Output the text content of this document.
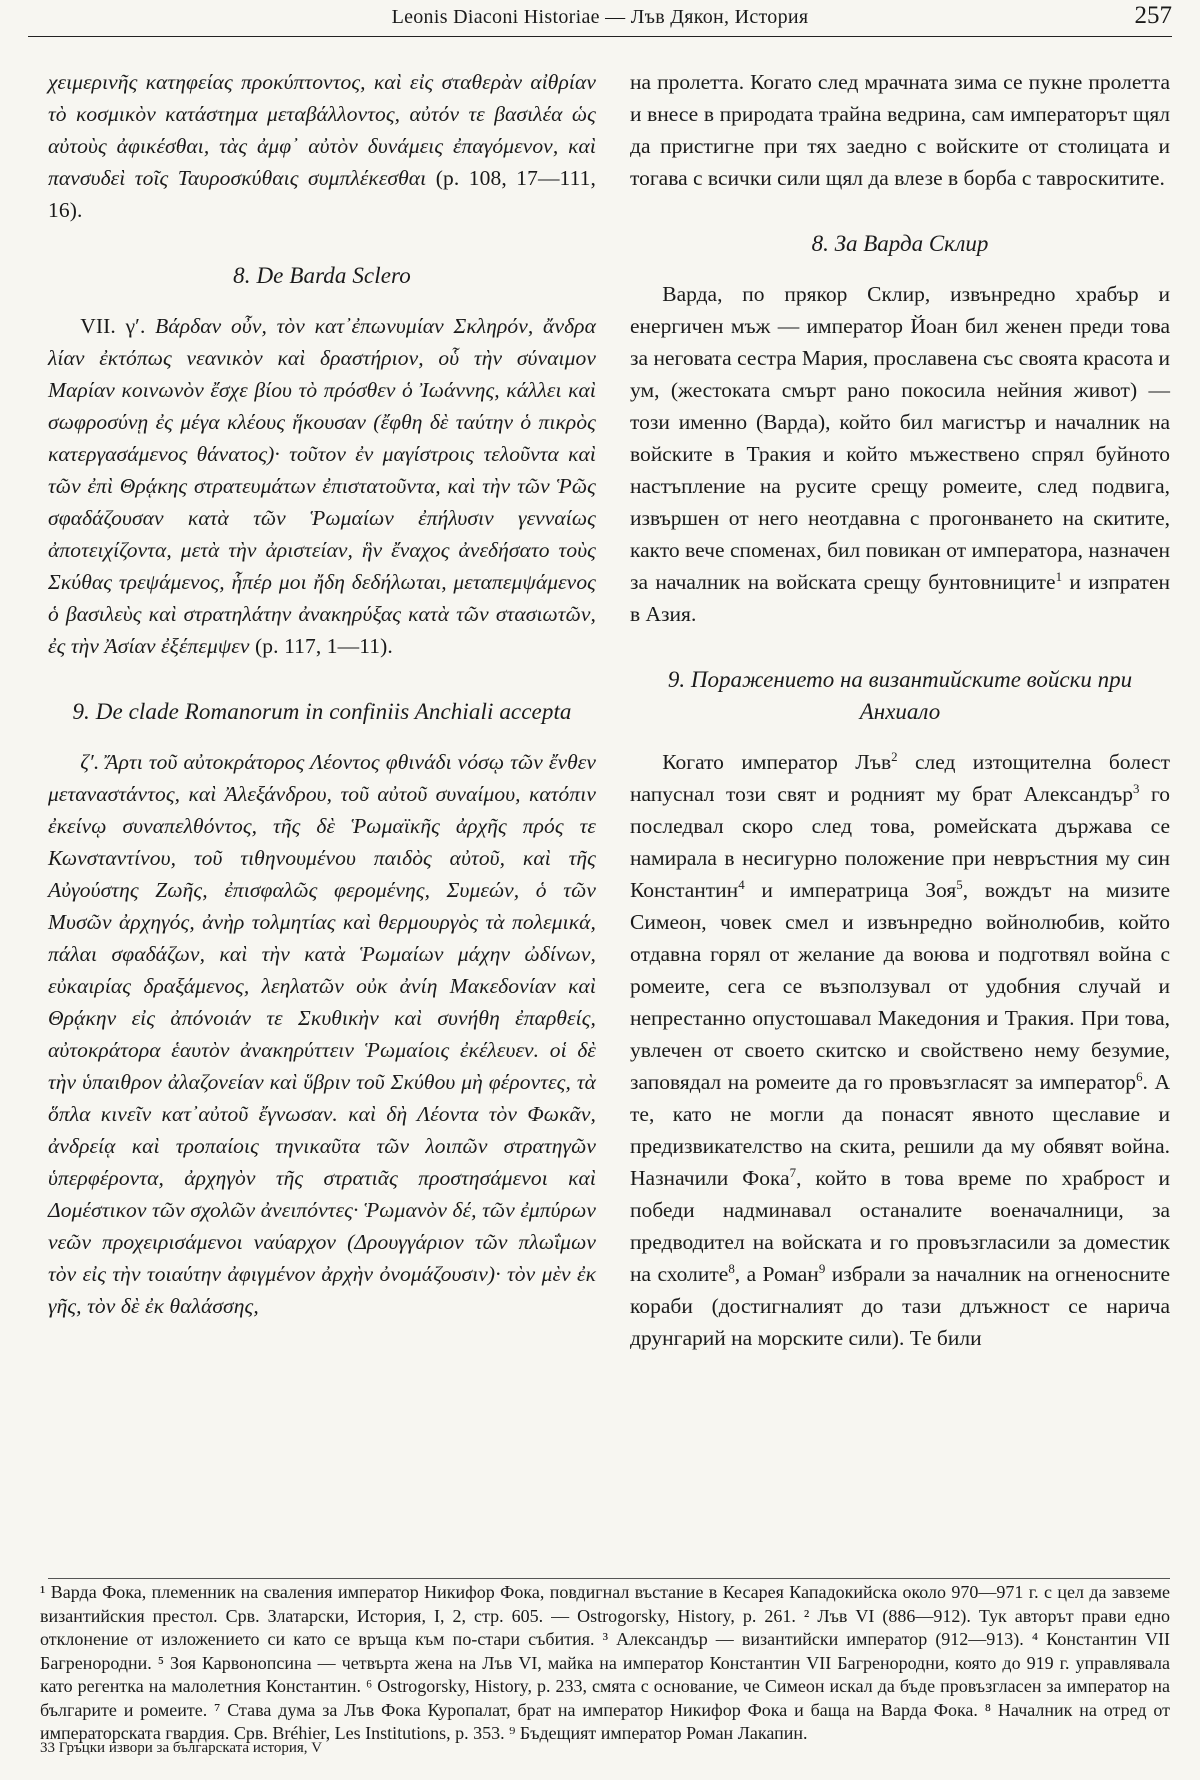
Leonis Diaconi Historiae — Лъв Дякон, История	257

χειμερινῆς κατηφείας προκύπτοντος, καὶ εἰς σταθερὰν αἰθρίαν τὸ κοσμικὸν κατάστημα μεταβάλλοντος, αὐτόν τε βασιλέα ὡς αὐτοὺς ἀφικέσθαι, τὰς ἀμφ᾿ αὐτὸν δυνάμεις ἐπαγόμενον, καὶ πανσυδεὶ τοῖς Ταυροσκύθαις συμπλέκεσθαι (p. 108, 17—111, 16).

8. De Barda Sclero

VII. γ′. Βάρδαν οὖν, τὸν κατ᾿ἐπωνυμίαν Σκληρόν, ἄνδρα λίαν ἐκτόπως νεανικὸν καὶ δραστήριον, οὗ τὴν σύναιμον Μαρίαν κοινωνὸν ἔσχε βίου τὸ πρόσθεν ὁ Ἰωάννης, κάλλει καὶ σωφροσύνῃ ἐς μέγα κλέους ἥκουσαν (ἔφθη δὲ ταύτην ὁ πικρὸς κατεργασάμενος θάνατος)· τοῦτον ἐν μαγίστροις τελοῦντα καὶ τῶν ἐπὶ Θρᾴκης στρατευμάτων ἐπιστατοῦντα, καὶ τὴν τῶν Ῥῶς σφαδάζουσαν κατὰ τῶν Ῥωμαίων ἐπήλυσιν γενναίως ἀποτειχίζοντα, μετὰ τὴν ἀριστείαν, ἣν ἔναχος ἀνεδήσατο τοὺς Σκύθας τρεψάμενος, ἧπέρ μοι ἤδη δεδήλωται, μεταπεμψάμενος ὁ βασιλεὺς καὶ στρατηλάτην ἀνακηρύξας κατὰ τῶν στασιωτῶν, ἐς τὴν Ἀσίαν ἐξέπεμψεν (p. 117, 1—11).

9. De clade Romanorum in confiniis Anchiali accepta

ζ′. Ἄρτι τοῦ αὐτοκράτορος Λέοντος φθινάδι νόσῳ τῶν ἔνθεν μεταναστάντος, καὶ Ἀλεξάνδρου, τοῦ αὐτοῦ συναίμου, κατόπιν ἐκείνῳ συναπελθόντος, τῆς δὲ Ῥωμαϊκῆς ἀρχῆς πρός τε Κωνσταντίνου, τοῦ τιθηνουμένου παιδὸς αὐτοῦ, καὶ τῆς Αὐγούστης Ζωῆς, ἐπισφαλῶς φερομένης, Συμεών, ὁ τῶν Μυσῶν ἀρχηγός, ἀνὴρ τολμητίας καὶ θερμουργὸς τὰ πολεμικά, πάλαι σφαδάζων, καὶ τὴν κατὰ Ῥωμαίων μάχην ὠδίνων, εὐκαιρίας δραξάμενος, λεηλατῶν οὐκ ἀνίη Μακεδονίαν καὶ Θρᾴκην εἰς ἀπόνοιάν τε Σκυθικὴν καὶ συνήθη ἐπαρθείς, αὐτοκράτορα ἑαυτὸν ἀνακηρύττειν Ῥωμαίοις ἐκέλευεν. οἱ δὲ τὴν ὑπαιθρον ἀλαζονείαν καὶ ὕβριν τοῦ Σκύθου μὴ φέροντες, τὰ ὅπλα κινεῖν κατ᾿αὐτοῦ ἔγνωσαν. καὶ δὴ Λέοντα τὸν Φωκᾶν, ἀνδρείᾳ καὶ τροπαίοις τηνικαῦτα τῶν λοιπῶν στρατηγῶν ὑπερφέροντα, ἀρχηγὸν τῆς στρατιᾶς προστησάμενοι καὶ Δομέστικον τῶν σχολῶν ἀνειπόντες· Ῥωμανὸν δέ, τῶν ἐμπύρων νεῶν προχειρισάμενοι ναύαρχον (Δρουγγάριον τῶν πλωΐμων τὸν εἰς τὴν τοιαύτην ἀφιγμένον ἀρχὴν ὀνομάζουσιν)· τὸν μὲν ἐκ γῆς, τὸν δὲ ἐκ θαλάσσης,

на пролетта. Когато след мрачната зима се пукне пролетта и внесе в природата трайна ведрина, сам императорът щял да пристигне при тях заедно с войските от столицата и тогава с всички сили щял да влезе в борба с тавроскитите.

8. За Варда Склир

Варда, по прякор Склир, извънредно храбър и енергичен мъж — император Йоан бил женен преди това за неговата сестра Мария, прославена със своята красота и ум, (жестоката смърт рано покосила нейния живот) — този именно (Варда), който бил магистър и началник на войските в Тракия и който мъжествено спрял буйното настъпление на русите срещу ромеите, след подвига, извършен от него неотдавна с прогонването на скитите, както вече споменах, бил повикан от императора, назначен за началник на войската срещу бунтовниците$^1$ и изпратен в Азия.

9. Поражението на византийските войски при Анхиало

Когато император Лъв$^2$ след изтощителна болест напуснал този свят и родният му брат Александър$^3$ го последвал скоро след това, ромейската държава се намирала в несигурно положение при невръстния му син Константин$^4$ и императрица Зоя$^5$, вождът на мизите Симеон, човек смел и извънредно войнолюбив, който отдавна горял от желание да воюва и подготвял война с ромеите, сега се възползувал от удобния случай и непрестанно опустошавал Македония и Тракия. При това, увлечен от своето скитско и свойствено нему безумие, заповядал на ромеите да го провъзгласят за император$^6$. А те, като не могли да понасят явното щеславие и предизвикателство на скита, решили да му обявят война. Назначили Фока$^7$, който в това време по храброст и победи надминавал останалите военачалници, за предводител на войската и го провъзгласили за доместик на схолите$^8$, а Роман$^9$ избрали за началник на огненосните кораби (достигналият до тази длъжност се нарича друнгарий на морските сили). Те били

¹ Варда Фока, племенник на сваления император Никифор Фока, повдигнал въстание в Кесарея Кападокийска около 970—971 г. с цел да завземе византийския престол. Срв. Златарски, История, I, 2, стр. 605. — Ostrogorsky, History, p. 261. ² Лъв VI (886—912). Тук авторът прави едно отклонение от изложението си като се връща към по-стари събития. ³ Александър — византийски император (912—913). ⁴ Константин VII Багренородни. ⁵ Зоя Карвонопсина — четвърта жена на Лъв VI, майка на император Константин VII Багренородни, която до 919 г. управлявала като регентка на малолетния Константин. ⁶ Ostrogorsky, History, p. 233, смята с основание, че Симеон искал да бъде провъзгласен за император на българите и ромеите. ⁷ Става дума за Лъв Фока Куропалат, брат на император Никифор Фока и баща на Варда Фока. ⁸ Началник на отред от императорската гвардия. Срв. Bréhier, Les Institutions, p. 353. ⁹ Бъдещият император Роман Лакапин.

33 Гръцки извори за българската история, V
